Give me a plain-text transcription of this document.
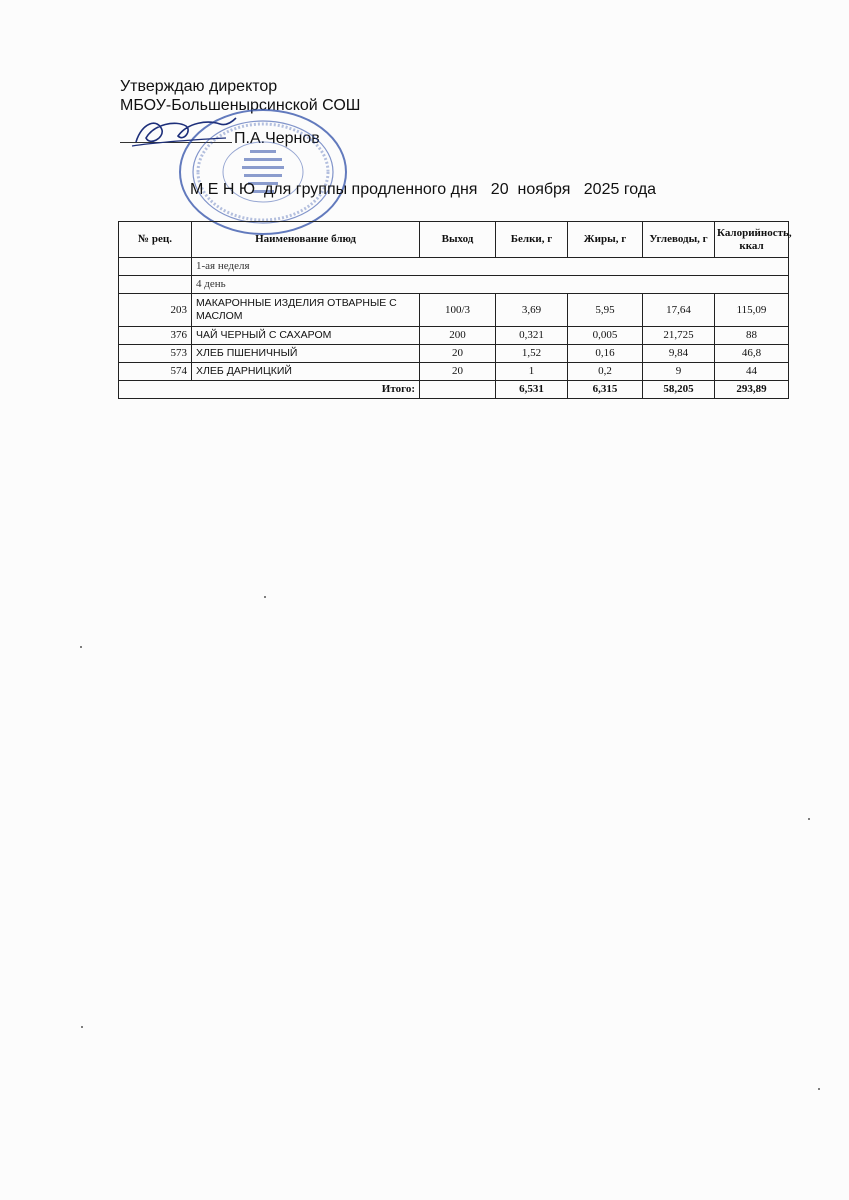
Утверждаю директор
МБОУ-Большенырсинской СОШ
П.А.Чернов
М Е Н Ю  для группы продленного дня   20  ноября   2025 года
№ рец.	Наименование блюд	Выход	Белки, г	Жиры, г	Углеводы, г	Калорийность, ккал
	1-ая неделя					
	4 день					
203	МАКАРОННЫЕ ИЗДЕЛИЯ ОТВАРНЫЕ С МАСЛОМ	100/3	3,69	5,95	17,64	115,09
376	ЧАЙ ЧЕРНЫЙ С САХАРОМ	200	0,321	0,005	21,725	88
573	ХЛЕБ ПШЕНИЧНЫЙ	20	1,52	0,16	9,84	46,8
574	ХЛЕБ ДАРНИЦКИЙ	20	1	0,2	9	44
Итого:			6,531	6,315	58,205	293,89
